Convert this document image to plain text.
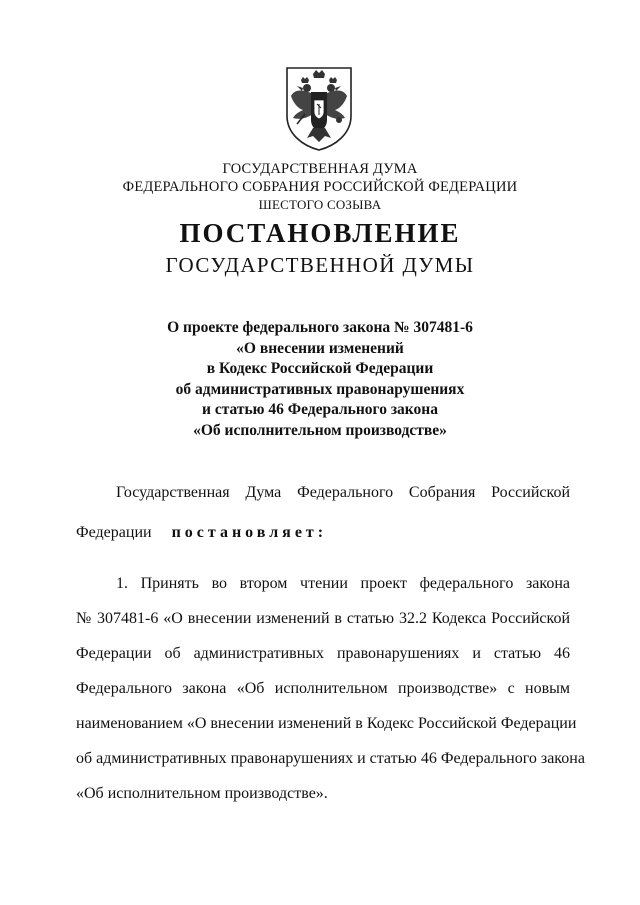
ГОСУДАРСТВЕННАЯ ДУМА
ФЕДЕРАЛЬНОГО СОБРАНИЯ РОССИЙСКОЙ ФЕДЕРАЦИИ
ШЕСТОГО СОЗЫВА
ПОСТАНОВЛЕНИЕ
ГОСУДАРСТВЕННОЙ ДУМЫ
О проекте федерального закона № 307481-6
«О внесении изменений
в Кодекс Российской Федерации
об административных правонарушениях
и статью 46 Федерального закона
«Об исполнительном производстве»
Государственная Дума Федерального Собрания Российской
Федерации постановляет:
1. Принять во втором чтении проект федерального закона
№ 307481-6 «О внесении изменений в статью 32.2 Кодекса Российской
Федерации об административных правонарушениях и статью 46
Федерального закона «Об исполнительном производстве» с новым
наименованием «О внесении изменений в Кодекс Российской Федерации
об административных правонарушениях и статью 46 Федерального закона
«Об исполнительном производстве».
